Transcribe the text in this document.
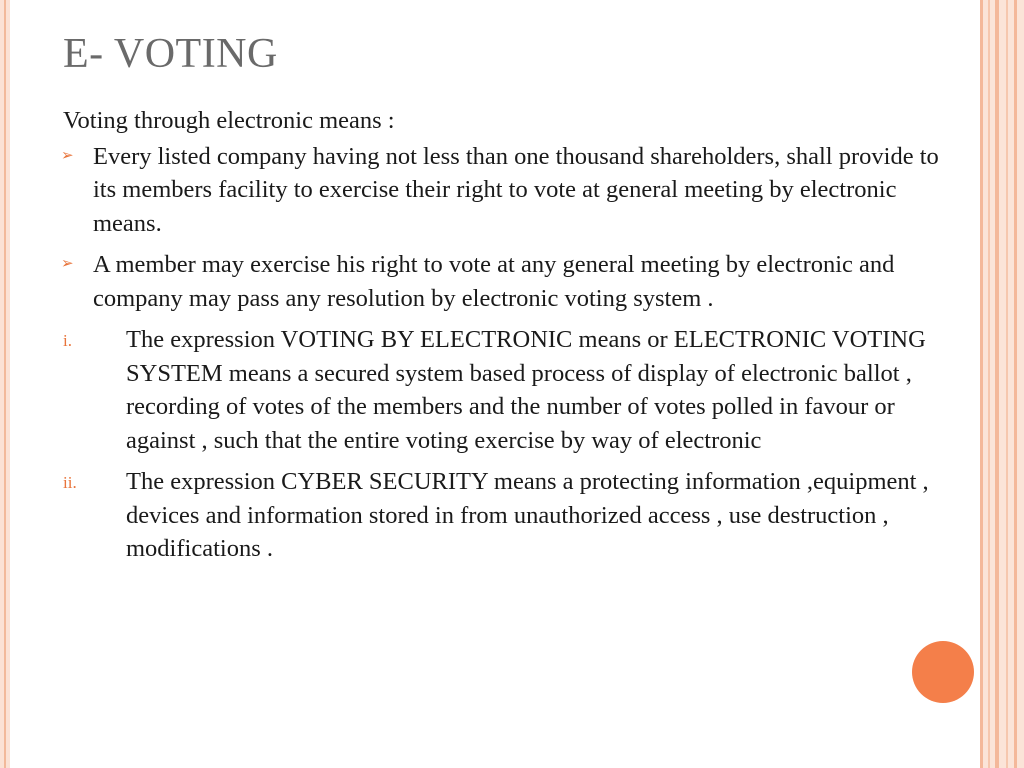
E- VOTING
Voting through electronic means :
➢ Every listed company having not less than one thousand shareholders, shall provide to its members facility to exercise their right to vote at general meeting by electronic means.
➢ A member may exercise his right to vote at any general meeting by electronic and company may pass any resolution by electronic voting system .
i. The expression VOTING BY ELECTRONIC means or ELECTRONIC VOTING SYSTEM means a secured system based process of display of electronic ballot , recording of votes of the members and the number of votes polled in favour or against , such that the entire voting exercise by way of electronic
ii. The expression CYBER SECURITY means a protecting information ,equipment , devices and information stored in from unauthorized access , use destruction , modifications .
